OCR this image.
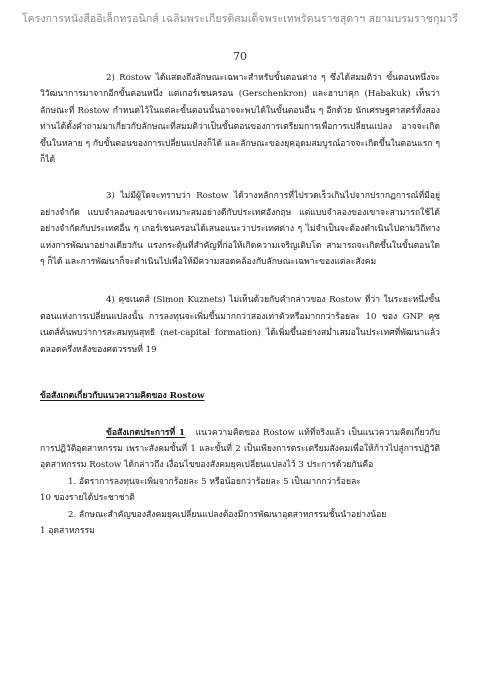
โครงการหนังสืออิเล็กทรอนิกส์ เฉลิมพระเกียรติสมเด็จพระเทพรัตนราชสุดาฯ สยามบรมราชกุมารี
70

2) Rostow ได้แสดงถึงลักษณะเฉพาะสำหรับขั้นตอนต่าง ๆ ซึ่งได้สมมติว่า ขั้นตอนหนึ่งจะวิวัฒนาการมาจากอีกขั้นตอนหนึ่ง แต่เกอร์เชนครอน (Gerschenkron) และฮาบาคุก (Habakuk) เห็นว่าลักษณะที่ Rostow กำหนดไว้ในแต่ละขั้นตอนนั้นอาจจะพบได้ในขั้นตอนอื่น ๆ อีกด้วย นักเศรษฐศาสตร์ทั้งสองท่านได้ตั้งคำถามมาเกี่ยวกับลักษณะที่สมมติว่าเป็นขั้นตอนของการเตรียมการเพื่อการเปลี่ยนแปลง อาจจะเกิดขึ้นในหลาย ๆ กับขั้นตอนของการเปลี่ยนแปลงก็ได้ และลักษณะของยุคอุดมสมบูรณ์อาจจะเกิดขึ้นในตอนแรก ๆ ก็ได้

3) ไม่มีผู้ใดจะทราบว่า Rostow ได้วางหลักการที่ไปรวดเร็วเกินไปจากปรากฏการณ์ที่มีอยู่อย่างจำกัด แบบจำลองของเขาจะเหมาะสมอย่างดีกับประเทศอังกฤษ แต่แบบจำลองของเขาจะสามารถใช้ได้อย่างจำกัดกับประเทศอื่น ๆ เกอร์เชนครอนได้เสนอแนะว่าประเทศต่าง ๆ ไม่จำเป็นจะต้องดำเนินไปตามวิถีทางแห่งการพัฒนาอย่างเดียวกัน แรงกระตุ้นที่สำคัญที่ก่อให้เกิดความเจริญเติบโต สามารถจะเกิดขึ้นในขั้นตอนใด ๆ ก็ได้ และการพัฒนาก็จะดำเนินไปเพื่อให้มีความสอดคล้องกับลักษณะเฉพาะของแต่ละสังคม

4) คุซเนตส์ (Simon Kuznets) ไม่เห็นด้วยกับคำกล่าวของ Rostow ที่ว่า ในระยะหนึ่งขั้นตอนแห่งการเปลี่ยนแปลงนั้น การลงทุนจะเพิ่มขึ้นมากกว่าสองเท่าตัวหรือมากกว่าร้อยละ 10 ของ GNP คุซเนตส์ค้นพบว่าการสะสมทุนสุทธิ (net-capital formation) ได้เพิ่มขึ้นอย่างสม่ำเสมอในประเทศที่พัฒนาแล้วตลอดครึ่งหลังของศตวรรษที่ 19

ข้อสังเกตเกี่ยวกับแนวความคิดของ Rostow

ข้อสังเกตประการที่ 1 แนวความคิดของ Rostow แท้ที่จริงแล้ว เป็นแนวความคิดเกี่ยวกับการปฏิวัติอุตสาหกรรม เพราะสังคมขั้นที่ 1 และขั้นที่ 2 เป็นเพียงการตระเตรียมสังคมเพื่อให้ก้าวไปสู่การปฏิวัติอุตสาหกรรม Rostow ได้กล่าวถึง เงื่อนไขของสังคมยุคเปลี่ยนแปลงไว้ 3 ประการด้วยกันคือ

1. อัตราการลงทุนจะเพิ่มจากร้อยละ 5 หรือน้อยกว่าร้อยละ 5 เป็นมากกว่าร้อยละ
10 ของรายได้ประชาชาติ

2. ลักษณะสำคัญของสังคมยุคเปลี่ยนแปลงต้องมีการพัฒนาอุตสาหกรรมชั้นนำอย่างน้อย
1 อุตสาหกรรม
